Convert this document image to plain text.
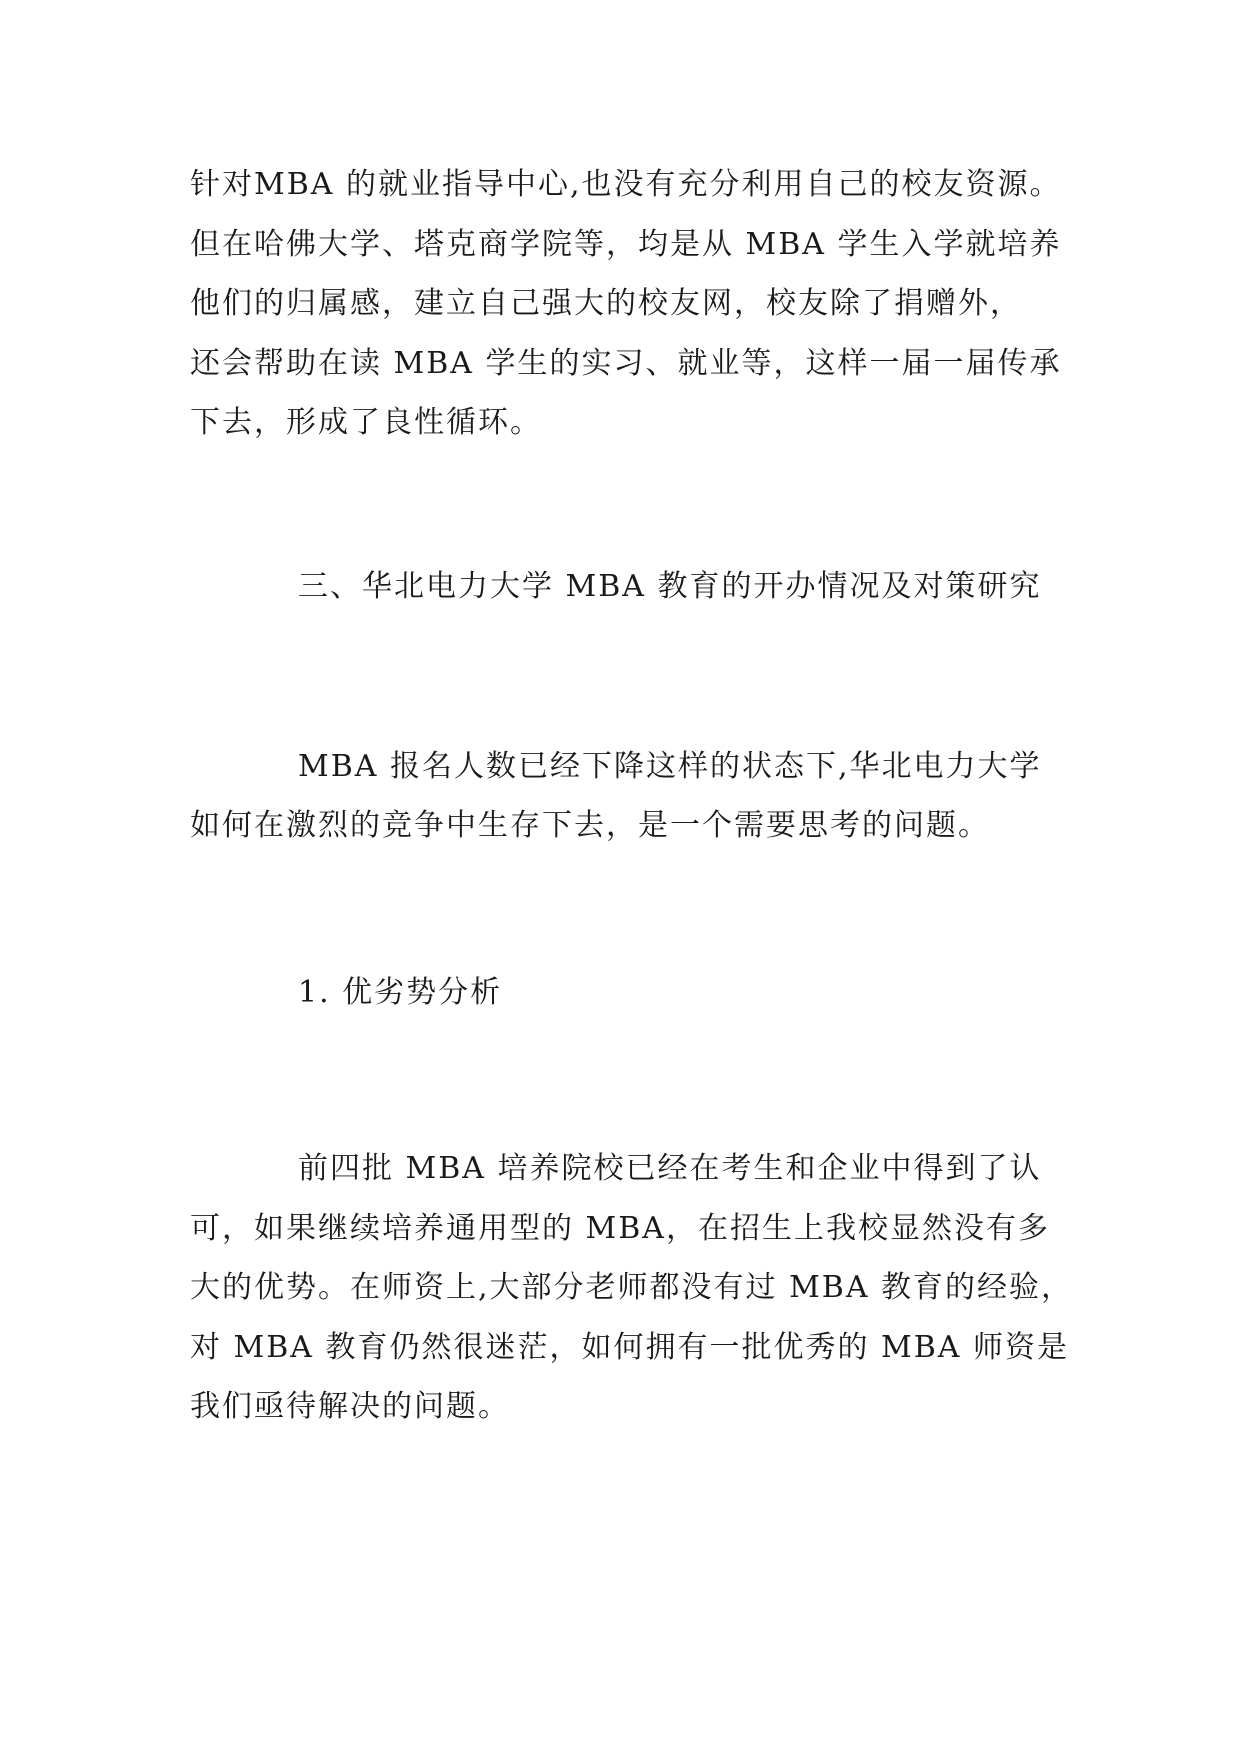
针对MBA 的就业指导中心,也没有充分利用自己的校友资源。
但在哈佛大学、塔克商学院等，均是从 MBA 学生入学就培养
他们的归属感，建立自己强大的校友网，校友除了捐赠外，
还会帮助在读 MBA 学生的实习、就业等，这样一届一届传承
下去，形成了良性循环。
三、华北电力大学 MBA 教育的开办情况及对策研究
MBA 报名人数已经下降这样的状态下,华北电力大学
如何在激烈的竞争中生存下去，是一个需要思考的问题。
1. 优劣势分析
前四批 MBA 培养院校已经在考生和企业中得到了认
可，如果继续培养通用型的 MBA，在招生上我校显然没有多
大的优势。在师资上,大部分老师都没有过 MBA 教育的经验，
对 MBA 教育仍然很迷茫，如何拥有一批优秀的 MBA 师资是
我们亟待解决的问题。
